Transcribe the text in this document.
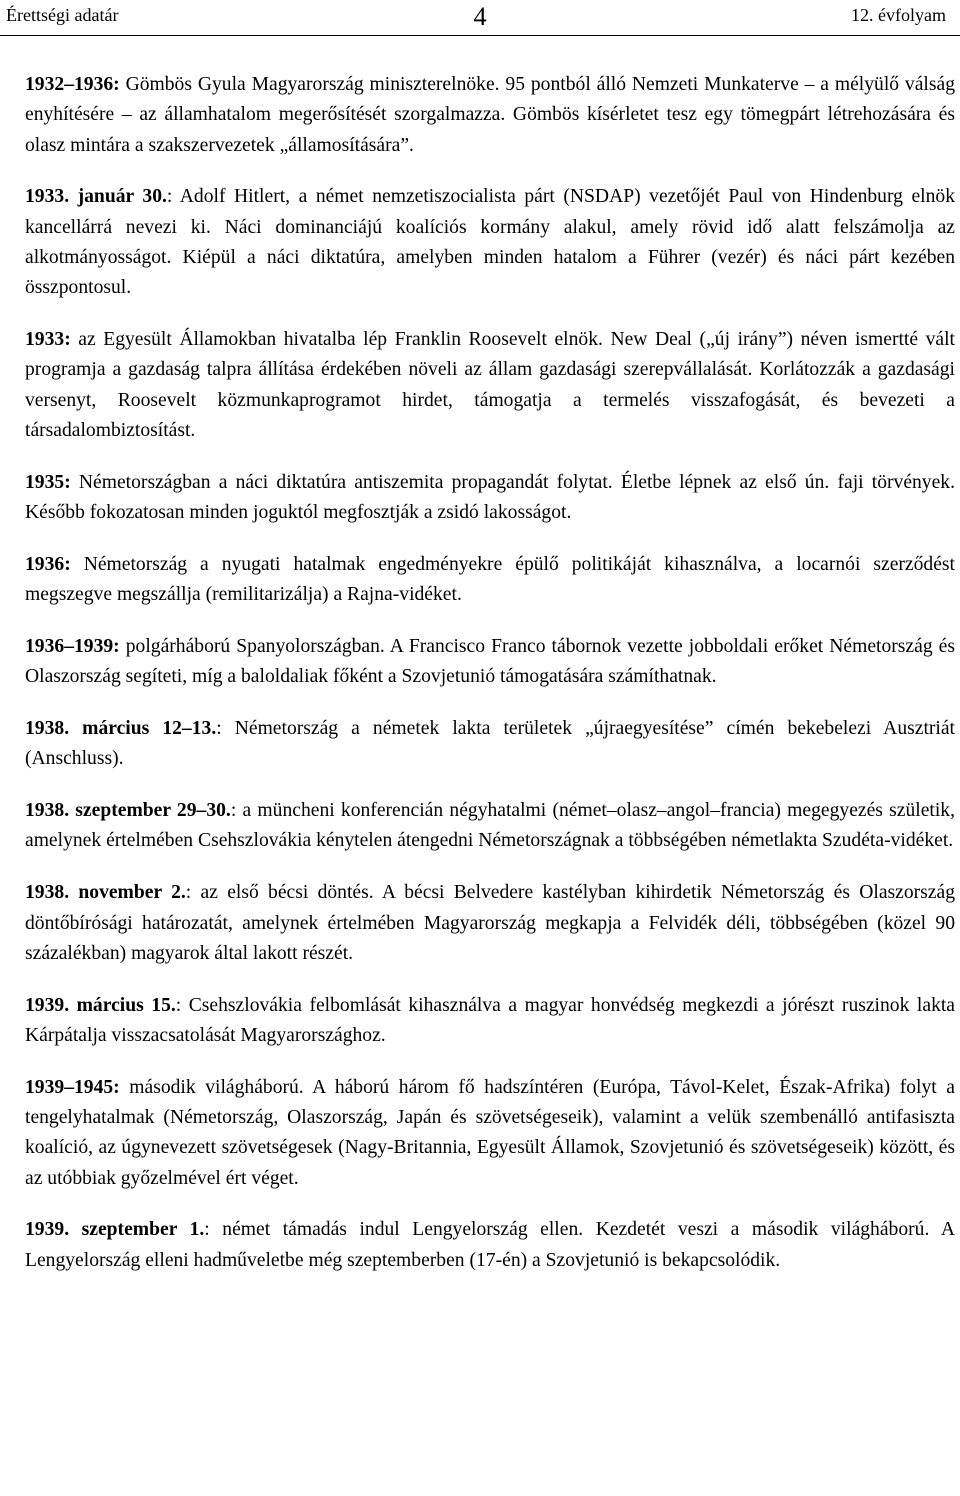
Érettségi adatár	4	12. évfolyam

1932–1936: Gömbös Gyula Magyarország miniszterelnöke. 95 pontból álló Nemzeti Munkaterve – a mélyülő válság enyhítésére – az államhatalom megerősítését szorgalmazza. Gömbös kísérletet tesz egy tömegpárt létrehozására és olasz mintára a szakszervezetek „államosítására”.

1933. január 30.: Adolf Hitlert, a német nemzetiszocialista párt (NSDAP) vezetőjét Paul von Hindenburg elnök kancellárrá nevezi ki. Náci dominanciájú koalíciós kormány alakul, amely rövid idő alatt felszámolja az alkotmányosságot. Kiépül a náci diktatúra, amelyben minden hatalom a Führer (vezér) és náci párt kezében összpontosul.

1933: az Egyesült Államokban hivatalba lép Franklin Roosevelt elnök. New Deal („új irány”) néven ismertté vált programja a gazdaság talpra állítása érdekében növeli az állam gazdasági szerepvállalását. Korlátozzák a gazdasági versenyt, Roosevelt közmunkaprogramot hirdet, támogatja a termelés visszafogását, és bevezeti a társadalombiztosítást.

1935: Németországban a náci diktatúra antiszemita propagandát folytat. Életbe lépnek az első ún. faji törvények. Később fokozatosan minden joguktól megfosztják a zsidó lakosságot.

1936: Németország a nyugati hatalmak engedményekre épülő politikáját kihasználva, a locarnói szerződést megszegve megszállja (remilitarizálja) a Rajna-vidéket.

1936–1939: polgárháború Spanyolországban. A Francisco Franco tábornok vezette jobboldali erőket Németország és Olaszország segíteti, míg a baloldaliak főként a Szovjetunió támogatására számíthatnak.

1938. március 12–13.: Németország a németek lakta területek „újraegyesítése” címén bekebelezi Ausztriát (Anschluss).

1938. szeptember 29–30.: a müncheni konferencián négyhatalmi (német–olasz–angol–francia) megegyezés születik, amelynek értelmében Csehszlovákia kénytelen átengedni Németországnak a többségében németlakta Szudéta-vidéket.

1938. november 2.: az első bécsi döntés. A bécsi Belvedere kastélyban kihirdetik Németország és Olaszország döntőbírósági határozatát, amelynek értelmében Magyarország megkapja a Felvidék déli, többségében (közel 90 százalékban) magyarok által lakott részét.

1939. március 15.: Csehszlovákia felbomlását kihasználva a magyar honvédség megkezdi a jórészt ruszinok lakta Kárpátalja visszacsatolását Magyarországhoz.

1939–1945: második világháború. A háború három fő hadszíntéren (Európa, Távol-Kelet, Észak-Afrika) folyt a tengelyhatalmak (Németország, Olaszország, Japán és szövetségeseik), valamint a velük szembenálló antifasiszta koalíció, az úgynevezett szövetségesek (Nagy-Britannia, Egyesült Államok, Szovjetunió és szövetségeseik) között, és az utóbbiak győzelmével ért véget.

1939. szeptember 1.: német támadás indul Lengyelország ellen. Kezdetét veszi a második világháború. A Lengyelország elleni hadműveletbe még szeptemberben (17-én) a Szovjetunió is bekapcsolódik.
